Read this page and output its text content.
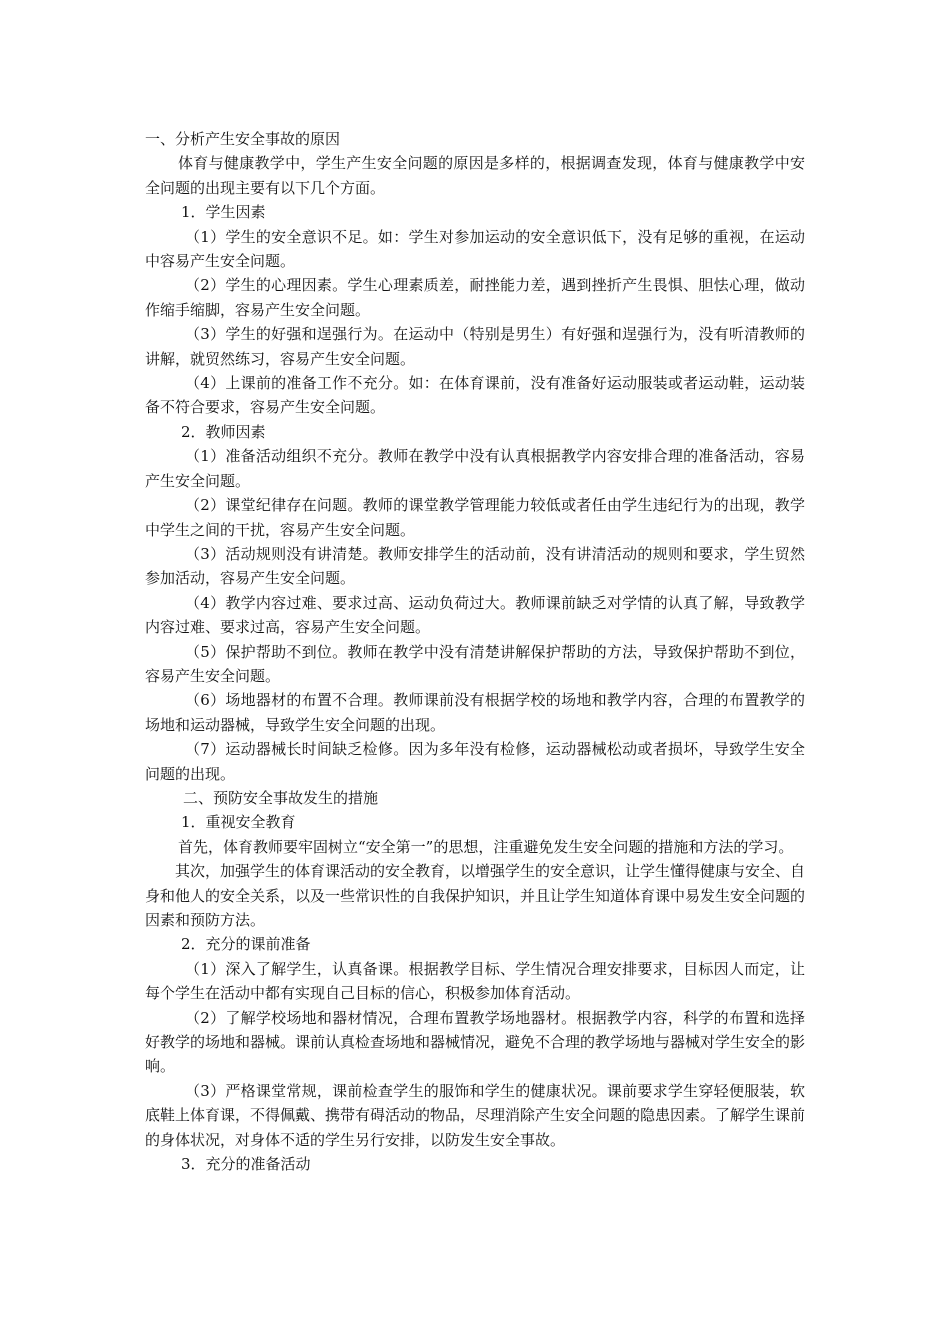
一、分析产生安全事故的原因

体育与健康教学中，学生产生安全问题的原因是多样的，根据调查发现，体育与健康教学中安全问题的出现主要有以下几个方面。

1．学生因素

（1）学生的安全意识不足。如：学生对参加运动的安全意识低下，没有足够的重视，在运动中容易产生安全问题。

（2）学生的心理因素。学生心理素质差，耐挫能力差，遇到挫折产生畏惧、胆怯心理，做动作缩手缩脚，容易产生安全问题。

（3）学生的好强和逞强行为。在运动中（特别是男生）有好强和逞强行为，没有听清教师的讲解，就贸然练习，容易产生安全问题。

（4）上课前的准备工作不充分。如：在体育课前，没有准备好运动服装或者运动鞋，运动装备不符合要求，容易产生安全问题。

2．教师因素

（1）准备活动组织不充分。教师在教学中没有认真根据教学内容安排合理的准备活动，容易产生安全问题。

（2）课堂纪律存在问题。教师的课堂教学管理能力较低或者任由学生违纪行为的出现，教学中学生之间的干扰，容易产生安全问题。

（3）活动规则没有讲清楚。教师安排学生的活动前，没有讲清活动的规则和要求，学生贸然参加活动，容易产生安全问题。

（4）教学内容过难、要求过高、运动负荷过大。教师课前缺乏对学情的认真了解，导致教学内容过难、要求过高，容易产生安全问题。

（5）保护帮助不到位。教师在教学中没有清楚讲解保护帮助的方法，导致保护帮助不到位，容易产生安全问题。

（6）场地器材的布置不合理。教师课前没有根据学校的场地和教学内容，合理的布置教学的场地和运动器械，导致学生安全问题的出现。

（7）运动器械长时间缺乏检修。因为多年没有检修，运动器械松动或者损坏，导致学生安全问题的出现。

二、预防安全事故发生的措施

1．重视安全教育

首先，体育教师要牢固树立“安全第一”的思想，注重避免发生安全问题的措施和方法的学习。

其次，加强学生的体育课活动的安全教育，以增强学生的安全意识，让学生懂得健康与安全、自身和他人的安全关系，以及一些常识性的自我保护知识，并且让学生知道体育课中易发生安全问题的因素和预防方法。

2．充分的课前准备

（1）深入了解学生，认真备课。根据教学目标、学生情况合理安排要求，目标因人而定，让每个学生在活动中都有实现自己目标的信心，积极参加体育活动。

（2）了解学校场地和器材情况，合理布置教学场地器材。根据教学内容，科学的布置和选择好教学的场地和器械。课前认真检查场地和器械情况，避免不合理的教学场地与器械对学生安全的影响。

（3）严格课堂常规，课前检查学生的服饰和学生的健康状况。课前要求学生穿轻便服装，软底鞋上体育课，不得佩戴、携带有碍活动的物品，尽理消除产生安全问题的隐患因素。了解学生课前的身体状况，对身体不适的学生另行安排，以防发生安全事故。

3．充分的准备活动
